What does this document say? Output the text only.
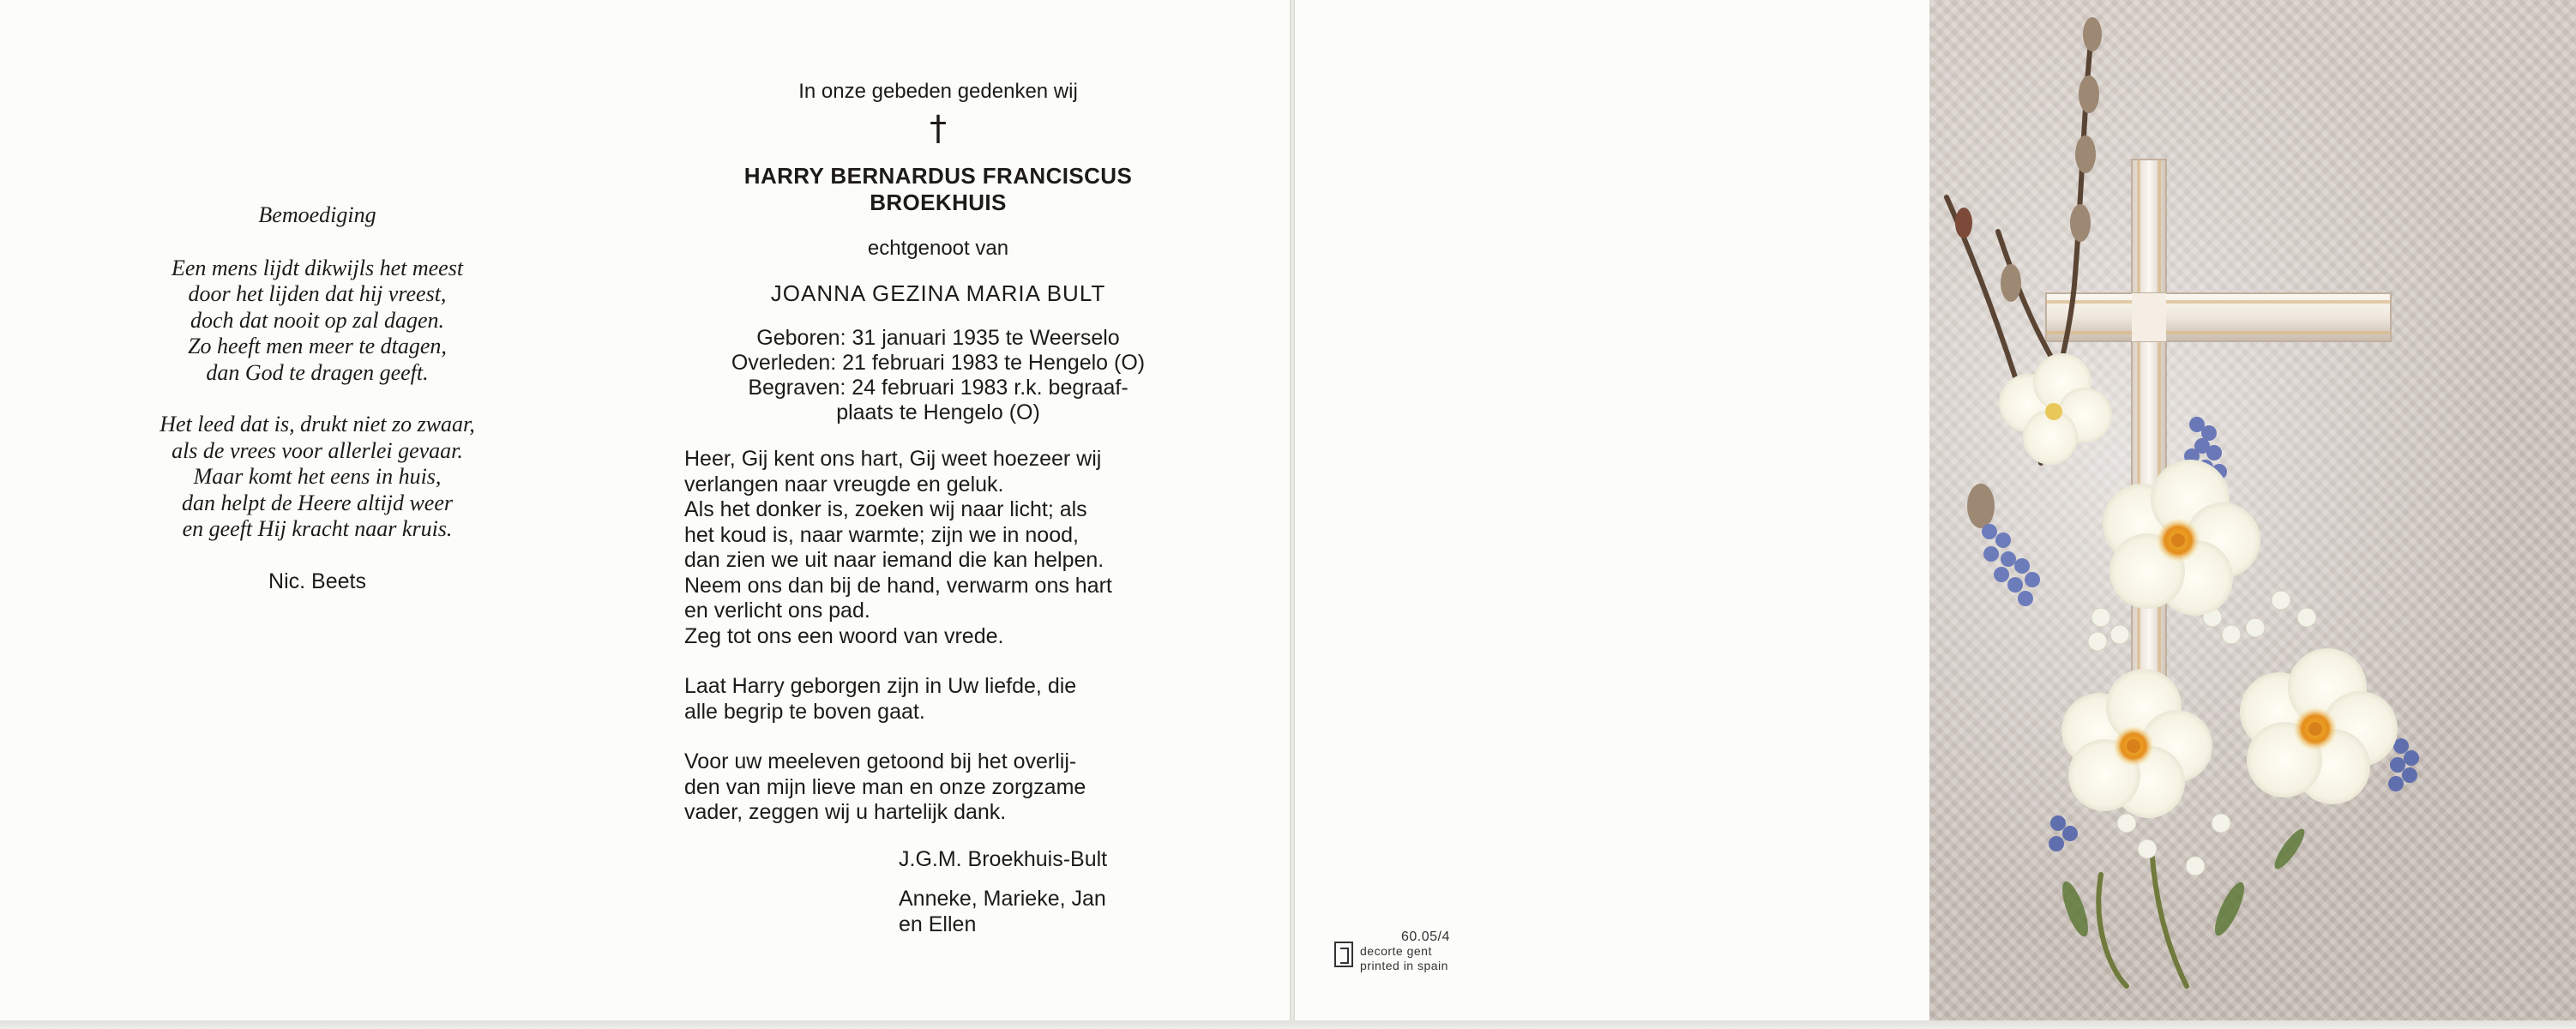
Bemoediging
Een mens lijdt dikwijls het meest
door het lijden dat hij vreest,
doch dat nooit op zal dagen.
Zo heeft men meer te dtagen,
dan God te dragen geeft.
Het leed dat is, drukt niet zo zwaar,
als de vrees voor allerlei gevaar.
Maar komt het eens in huis,
dan helpt de Heere altijd weer
en geeft Hij kracht naar kruis.
Nic. Beets
In onze gebeden gedenken wij
†
HARRY BERNARDUS FRANCISCUS
BROEKHUIS
echtgenoot van
JOANNA GEZINA MARIA BULT
Geboren: 31 januari 1935 te Weerselo
Overleden: 21 februari 1983 te Hengelo (O)
Begraven: 24 februari 1983 r.k. begraaf-
plaats te Hengelo (O)
Heer, Gij kent ons hart, Gij weet hoezeer wij
verlangen naar vreugde en geluk.
Als het donker is, zoeken wij naar licht; als
het koud is, naar warmte; zijn we in nood,
dan zien we uit naar iemand die kan helpen.
Neem ons dan bij de hand, verwarm ons hart
en verlicht ons pad.
Zeg tot ons een woord van vrede.
Laat Harry geborgen zijn in Uw liefde, die
alle begrip te boven gaat.
Voor uw meeleven getoond bij het overlij-
den van mijn lieve man en onze zorgzame
vader, zeggen wij u hartelijk dank.
J.G.M. Broekhuis-Bult
Anneke, Marieke, Jan
en Ellen
60.05/4
decorte gent
printed in spain
